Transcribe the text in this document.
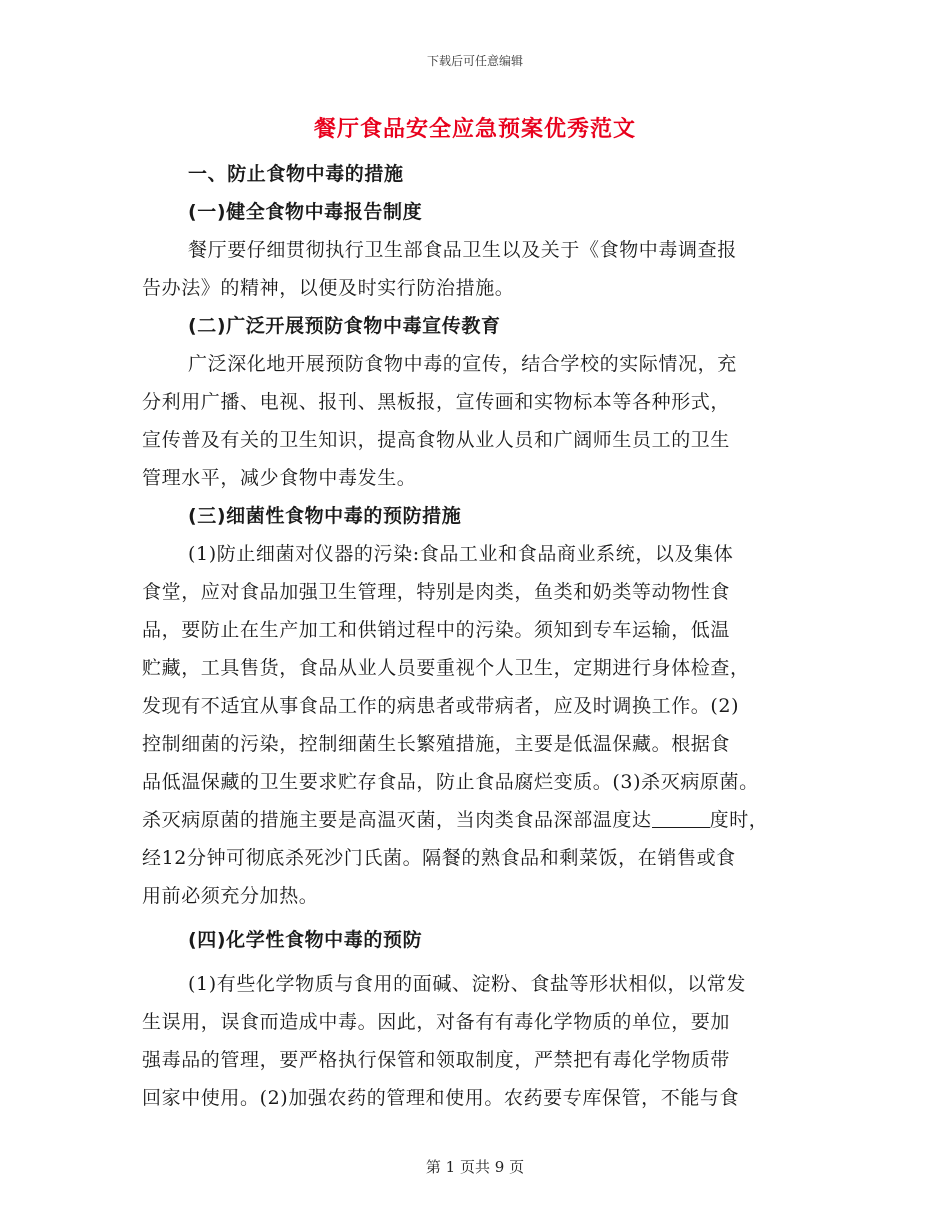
下载后可任意编辑
餐厅食品安全应急预案优秀范文
一、防止食物中毒的措施
(一)健全食物中毒报告制度
餐厅要仔细贯彻执行卫生部食品卫生以及关于《食物中毒调查报
告办法》的精神，以便及时实行防治措施。
(二)广泛开展预防食物中毒宣传教育
广泛深化地开展预防食物中毒的宣传，结合学校的实际情况，充
分利用广播、电视、报刊、黑板报，宣传画和实物标本等各种形式，
宣传普及有关的卫生知识，提高食物从业人员和广阔师生员工的卫生
管理水平，减少食物中毒发生。
(三)细菌性食物中毒的预防措施
(1)防止细菌对仪器的污染:食品工业和食品商业系统，以及集体
食堂，应对食品加强卫生管理，特别是肉类，鱼类和奶类等动物性食
品，要防止在生产加工和供销过程中的污染。须知到专车运输，低温
贮藏，工具售货，食品从业人员要重视个人卫生，定期进行身体检查，
发现有不适宜从事食品工作的病患者或带病者，应及时调换工作。(2)
控制细菌的污染，控制细菌生长繁殖措施，主要是低温保藏。根据食
品低温保藏的卫生要求贮存食品，防止食品腐烂变质。(3)杀灭病原菌。
杀灭病原菌的措施主要是高温灭菌，当肉类食品深部温度达	度时，
经12分钟可彻底杀死沙门氏菌。隔餐的熟食品和剩菜饭，在销售或食
用前必须充分加热。
(四)化学性食物中毒的预防
(1)有些化学物质与食用的面碱、淀粉、食盐等形状相似，以常发
生误用，误食而造成中毒。因此，对备有有毒化学物质的单位，要加
强毒品的管理，要严格执行保管和领取制度，严禁把有毒化学物质带
回家中使用。(2)加强农药的管理和使用。农药要专库保管，不能与食
第 1 页共 9 页
